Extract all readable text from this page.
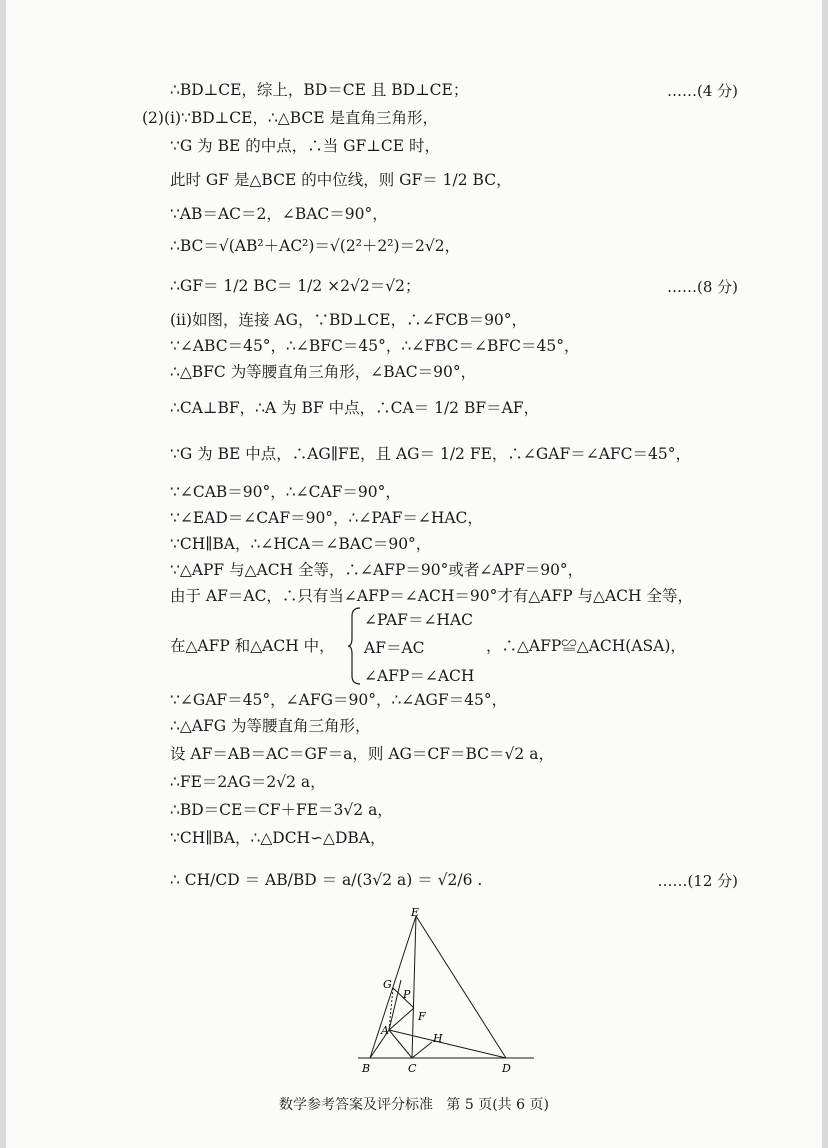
∴BD⊥CE，综上，BD＝CE 且 BD⊥CE；
(2)(i)∵BD⊥CE，∴△BCE 是直角三角形，
∵G 为 BE 的中点，∴当 GF⊥CE 时，
此时 GF 是△BCE 的中位线，则 GF＝ 1/2 BC，
∵AB＝AC＝2，∠BAC＝90°，
∴BC＝√(AB²＋AC²)＝√(2²＋2²)＝2√2，
∴GF＝ 1/2 BC＝ 1/2 ×2√2＝√2；
(ii)如图，连接 AG，∵BD⊥CE，∴∠FCB＝90°，
∵∠ABC＝45°，∴∠BFC＝45°，∴∠FBC＝∠BFC＝45°，
∴△BFC 为等腰直角三角形，∠BAC＝90°，
∴CA⊥BF，∴A 为 BF 中点，∴CA＝ 1/2 BF＝AF，
∵G 为 BE 中点，∴AG∥FE，且 AG＝ 1/2 FE，∴∠GAF＝∠AFC＝45°，
∵∠CAB＝90°，∴∠CAF＝90°，
∵∠EAD＝∠CAF＝90°，∴∠PAF＝∠HAC，
∵CH∥BA，∴∠HCA＝∠BAC＝90°，
∵△APF 与△ACH 全等，∴∠AFP＝90°或者∠APF＝90°，
由于 AF＝AC，∴只有当∠AFP＝∠ACH＝90°才有△AFP 与△ACH 全等，
在△AFP 和△ACH 中，
∵∠GAF＝45°，∠AFG＝90°，∴∠AGF＝45°，
∴△AFG 为等腰直角三角形，
设 AF＝AB＝AC＝GF＝a，则 AG＝CF＝BC＝√2 a，
∴FE＝2AG＝2√2 a，
∴BD＝CE＝CF＋FE＝3√2 a，
∵CH∥BA，∴△DCH∽△DBA，
∴ CH/CD ＝ AB/BD ＝ a/(3√2 a) ＝ √2/6 .
∠PAF＝∠HAC
AF＝AC
∠AFP＝∠ACH
，∴△AFP≌△ACH(ASA)，
……(4 分)
……(8 分)
……(12 分)
E
G
P
F
A
H
B	C	D
数学参考答案及评分标准   第 5 页(共 6 页)
